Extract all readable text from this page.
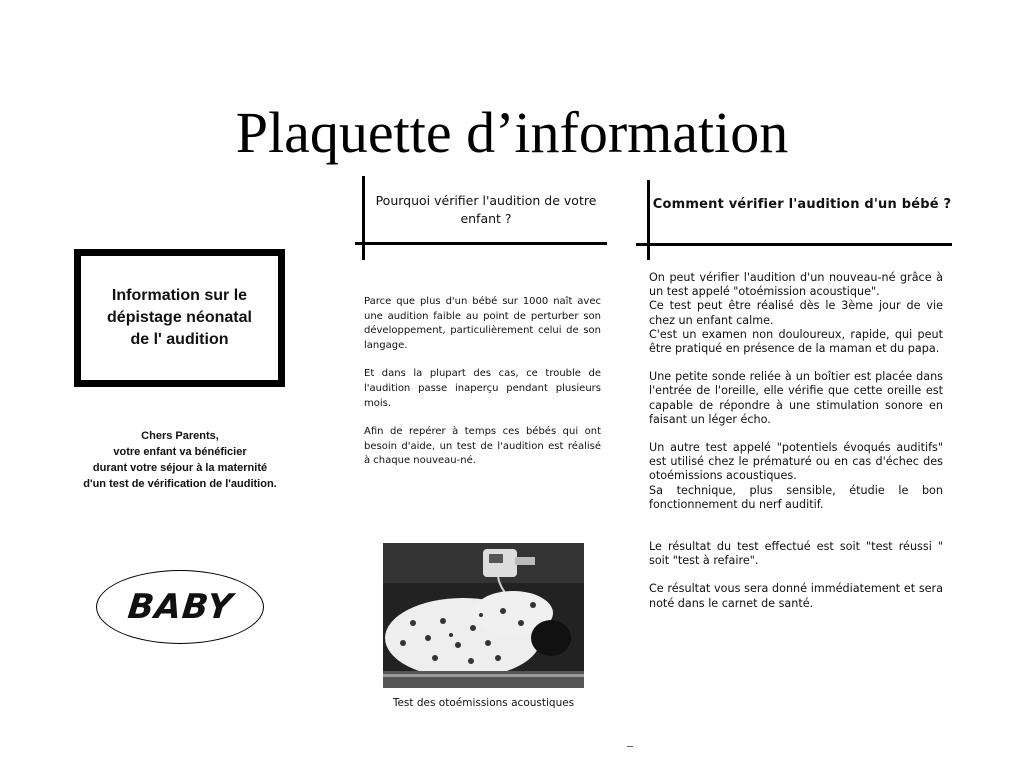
Plaquette d’information
Information sur le
dépistage néonatal
de l' audition
Chers Parents,
votre enfant va bénéficier
durant votre séjour à la maternité
d'un test de vérification de l'audition.
BABY
Pourquoi vérifier l'audition de votre enfant ?

Parce que plus d'un bébé sur 1000 naît avec une audition faible au point de perturber son développement, particulièrement celui de son langage.

Et dans la plupart des cas, ce trouble de l'audition passe inaperçu pendant plusieurs mois.

Afin de repérer à temps ces bébés qui ont besoin d'aide, un test de l'audition est réalisé à chaque nouveau-né.

Test des otoémissions acoustiques
Comment vérifier l'audition d'un bébé ?

On peut vérifier l'audition d'un nouveau-né grâce à un test appelé "otoémission acoustique".
Ce test peut être réalisé dès le 3ème jour de vie chez un enfant calme.
C'est un examen non douloureux, rapide, qui peut être pratiqué en présence de la maman et du papa.

Une petite sonde reliée à un boîtier est placée dans l'entrée de l'oreille, elle vérifie que cette oreille est capable de répondre à une stimulation sonore en faisant un léger écho.

Un autre test appelé "potentiels évoqués auditifs" est utilisé chez le prématuré ou en cas d'échec des otoémissions acoustiques.
Sa technique, plus sensible, étudie le bon fonctionnement du nerf auditif.

Le résultat du test effectué est soit "test réussi " soit "test à refaire".

Ce résultat vous sera donné immédiatement et sera noté dans le carnet de santé.
